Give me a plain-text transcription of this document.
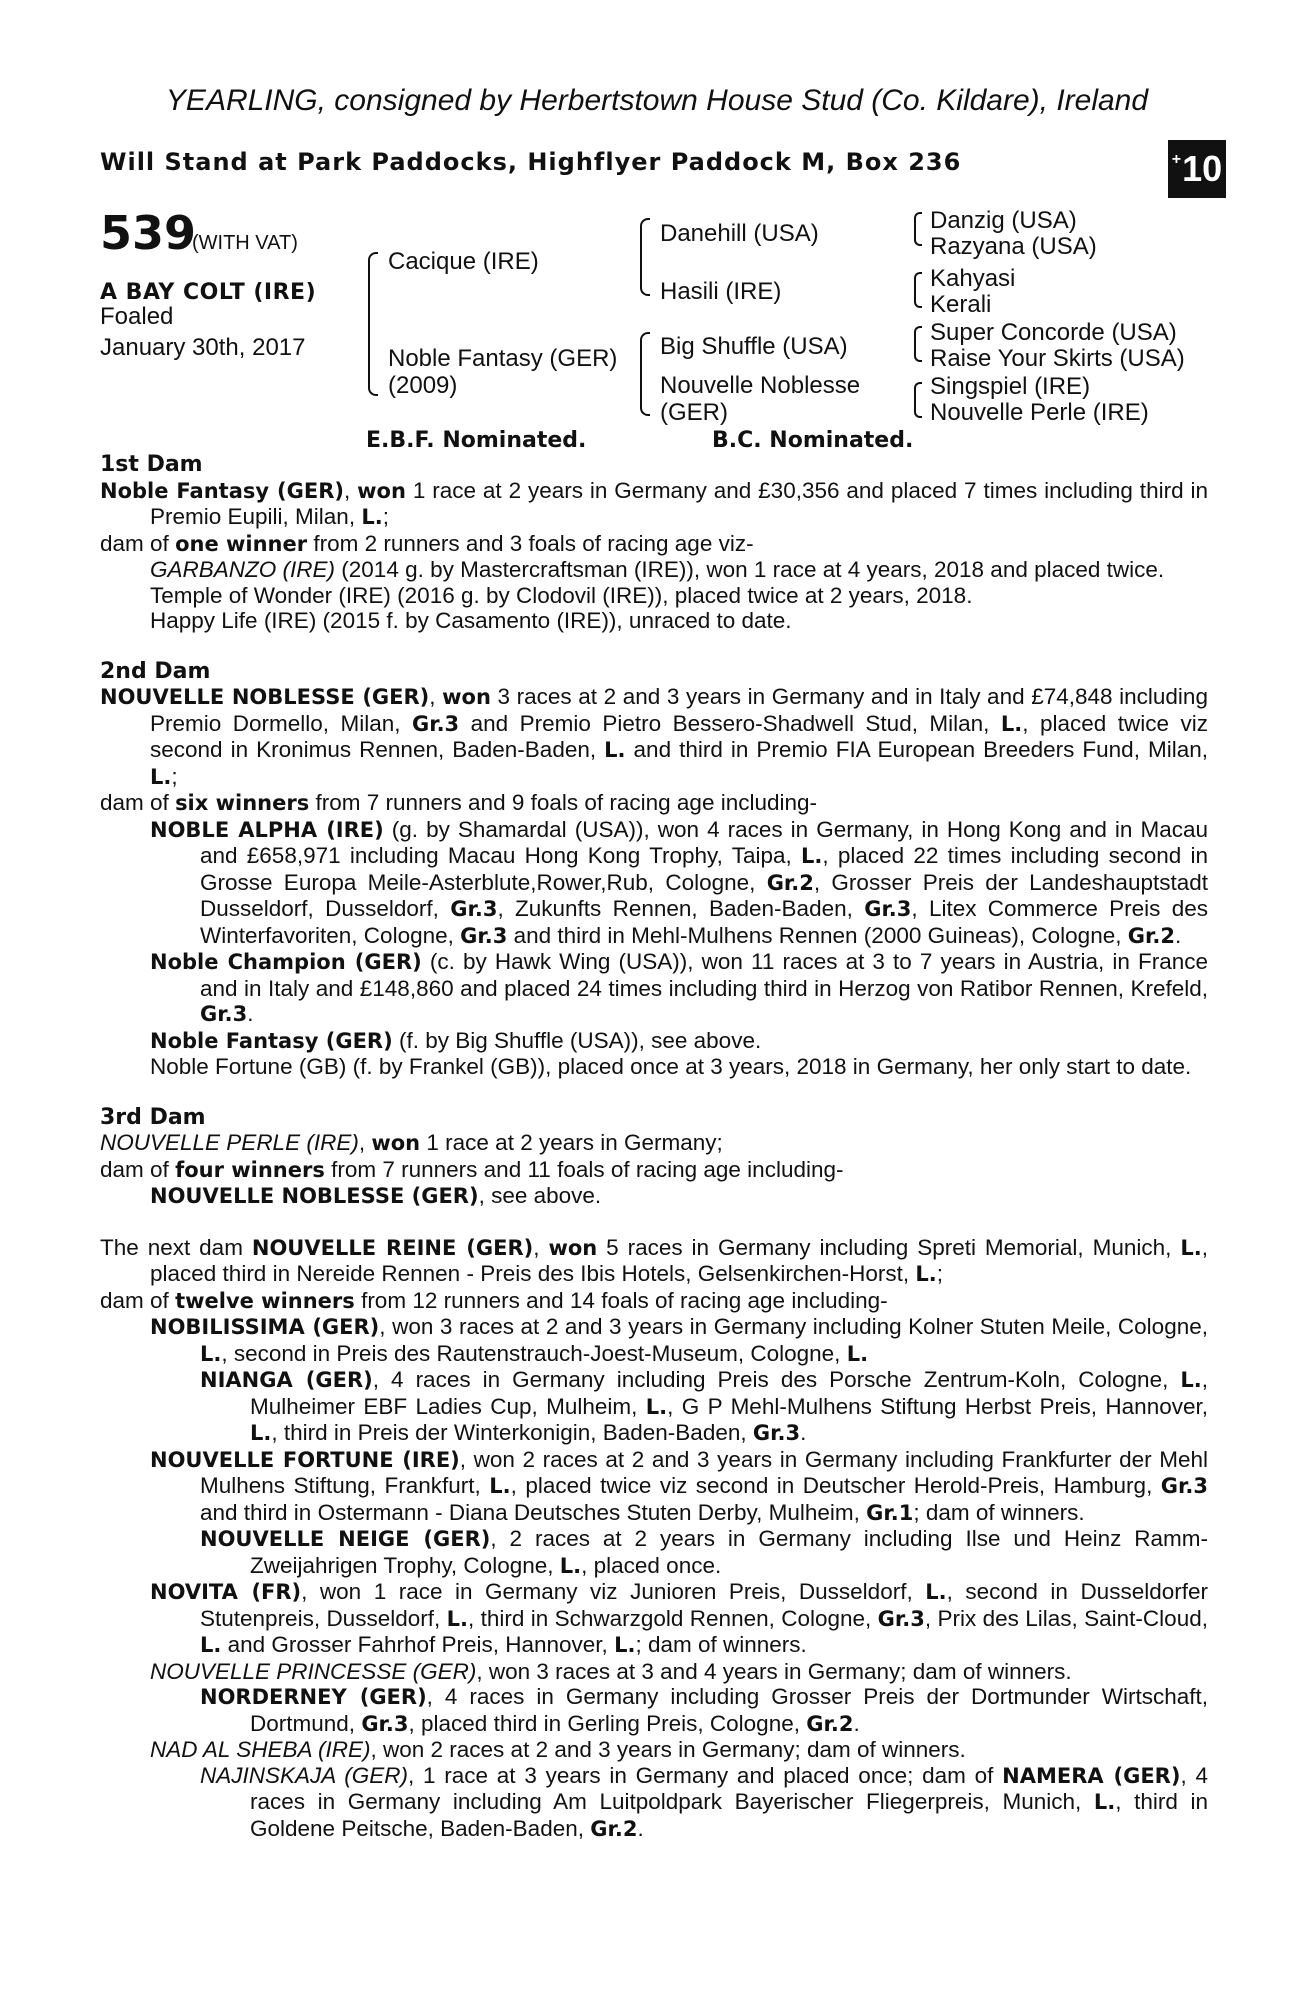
YEARLING, consigned by Herbertstown House Stud (Co. Kildare), Ireland
Will Stand at Park Paddocks, Highflyer Paddock M, Box 236	+ 10
539
(WITH VAT)
A BAY COLT (IRE)
Foaled
January 30th, 2017
Cacique (IRE)
Noble Fantasy (GER)
(2009)
Danehill (USA)
Hasili (IRE)
Big Shuffle (USA)
Nouvelle Noblesse
(GER)
Danzig (USA)
Razyana (USA)
Kahyasi
Kerali
Super Concorde (USA)
Raise Your Skirts (USA)
Singspiel (IRE)
Nouvelle Perle (IRE)
E.B.F. Nominated.	B.C. Nominated.

1st Dam

Noble Fantasy (GER), won 1 race at 2 years in Germany and £30,356 and placed 7 times including third in Premio Eupili, Milan, L.;

dam of one winner from 2 runners and 3 foals of racing age viz-

GARBANZO (IRE) (2014 g. by Mastercraftsman (IRE)), won 1 race at 4 years, 2018 and placed twice.

Temple of Wonder (IRE) (2016 g. by Clodovil (IRE)), placed twice at 2 years, 2018.

Happy Life (IRE) (2015 f. by Casamento (IRE)), unraced to date.

2nd Dam

NOUVELLE NOBLESSE (GER), won 3 races at 2 and 3 years in Germany and in Italy and £74,848 including Premio Dormello, Milan, Gr.3 and Premio Pietro Bessero-Shadwell Stud, Milan, L., placed twice viz second in Kronimus Rennen, Baden-Baden, L. and third in Premio FIA European Breeders Fund, Milan, L.;

dam of six winners from 7 runners and 9 foals of racing age including-

NOBLE ALPHA (IRE) (g. by Shamardal (USA)), won 4 races in Germany, in Hong Kong and in Macau and £658,971 including Macau Hong Kong Trophy, Taipa, L., placed 22 times including second in Grosse Europa Meile-Asterblute,Rower,Rub, Cologne, Gr.2, Grosser Preis der Landeshauptstadt Dusseldorf, Dusseldorf, Gr.3, Zukunfts Rennen, Baden-Baden, Gr.3, Litex Commerce Preis des Winterfavoriten, Cologne, Gr.3 and third in Mehl-Mulhens Rennen (2000 Guineas), Cologne, Gr.2.

Noble Champion (GER) (c. by Hawk Wing (USA)), won 11 races at 3 to 7 years in Austria, in France and in Italy and £148,860 and placed 24 times including third in Herzog von Ratibor Rennen, Krefeld, Gr.3.

Noble Fantasy (GER) (f. by Big Shuffle (USA)), see above.

Noble Fortune (GB) (f. by Frankel (GB)), placed once at 3 years, 2018 in Germany, her only start to date.

3rd Dam

NOUVELLE PERLE (IRE), won 1 race at 2 years in Germany;

dam of four winners from 7 runners and 11 foals of racing age including-

NOUVELLE NOBLESSE (GER), see above.

The next dam NOUVELLE REINE (GER), won 5 races in Germany including Spreti Memorial, Munich, L., placed third in Nereide Rennen - Preis des Ibis Hotels, Gelsenkirchen-Horst, L.;

dam of twelve winners from 12 runners and 14 foals of racing age including-

NOBILISSIMA (GER), won 3 races at 2 and 3 years in Germany including Kolner Stuten Meile, Cologne, L., second in Preis des Rautenstrauch-Joest-Museum, Cologne, L.

NIANGA (GER), 4 races in Germany including Preis des Porsche Zentrum-Koln, Cologne, L., Mulheimer EBF Ladies Cup, Mulheim, L., G P Mehl-Mulhens Stiftung Herbst Preis, Hannover, L., third in Preis der Winterkonigin, Baden-Baden, Gr.3.

NOUVELLE FORTUNE (IRE), won 2 races at 2 and 3 years in Germany including Frankfurter der Mehl Mulhens Stiftung, Frankfurt, L., placed twice viz second in Deutscher Herold-Preis, Hamburg, Gr.3 and third in Ostermann - Diana Deutsches Stuten Derby, Mulheim, Gr.1; dam of winners.

NOUVELLE NEIGE (GER), 2 races at 2 years in Germany including Ilse und Heinz Ramm-Zweijahrigen Trophy, Cologne, L., placed once.

NOVITA (FR), won 1 race in Germany viz Junioren Preis, Dusseldorf, L., second in Dusseldorfer Stutenpreis, Dusseldorf, L., third in Schwarzgold Rennen, Cologne, Gr.3, Prix des Lilas, Saint-Cloud, L. and Grosser Fahrhof Preis, Hannover, L.; dam of winners.

NOUVELLE PRINCESSE (GER), won 3 races at 3 and 4 years in Germany; dam of winners.

NORDERNEY (GER), 4 races in Germany including Grosser Preis der Dortmunder Wirtschaft, Dortmund, Gr.3, placed third in Gerling Preis, Cologne, Gr.2.

NAD AL SHEBA (IRE), won 2 races at 2 and 3 years in Germany; dam of winners.

NAJINSKAJA (GER), 1 race at 3 years in Germany and placed once; dam of NAMERA (GER), 4 races in Germany including Am Luitpoldpark Bayerischer Fliegerpreis, Munich, L., third in Goldene Peitsche, Baden-Baden, Gr.2.
